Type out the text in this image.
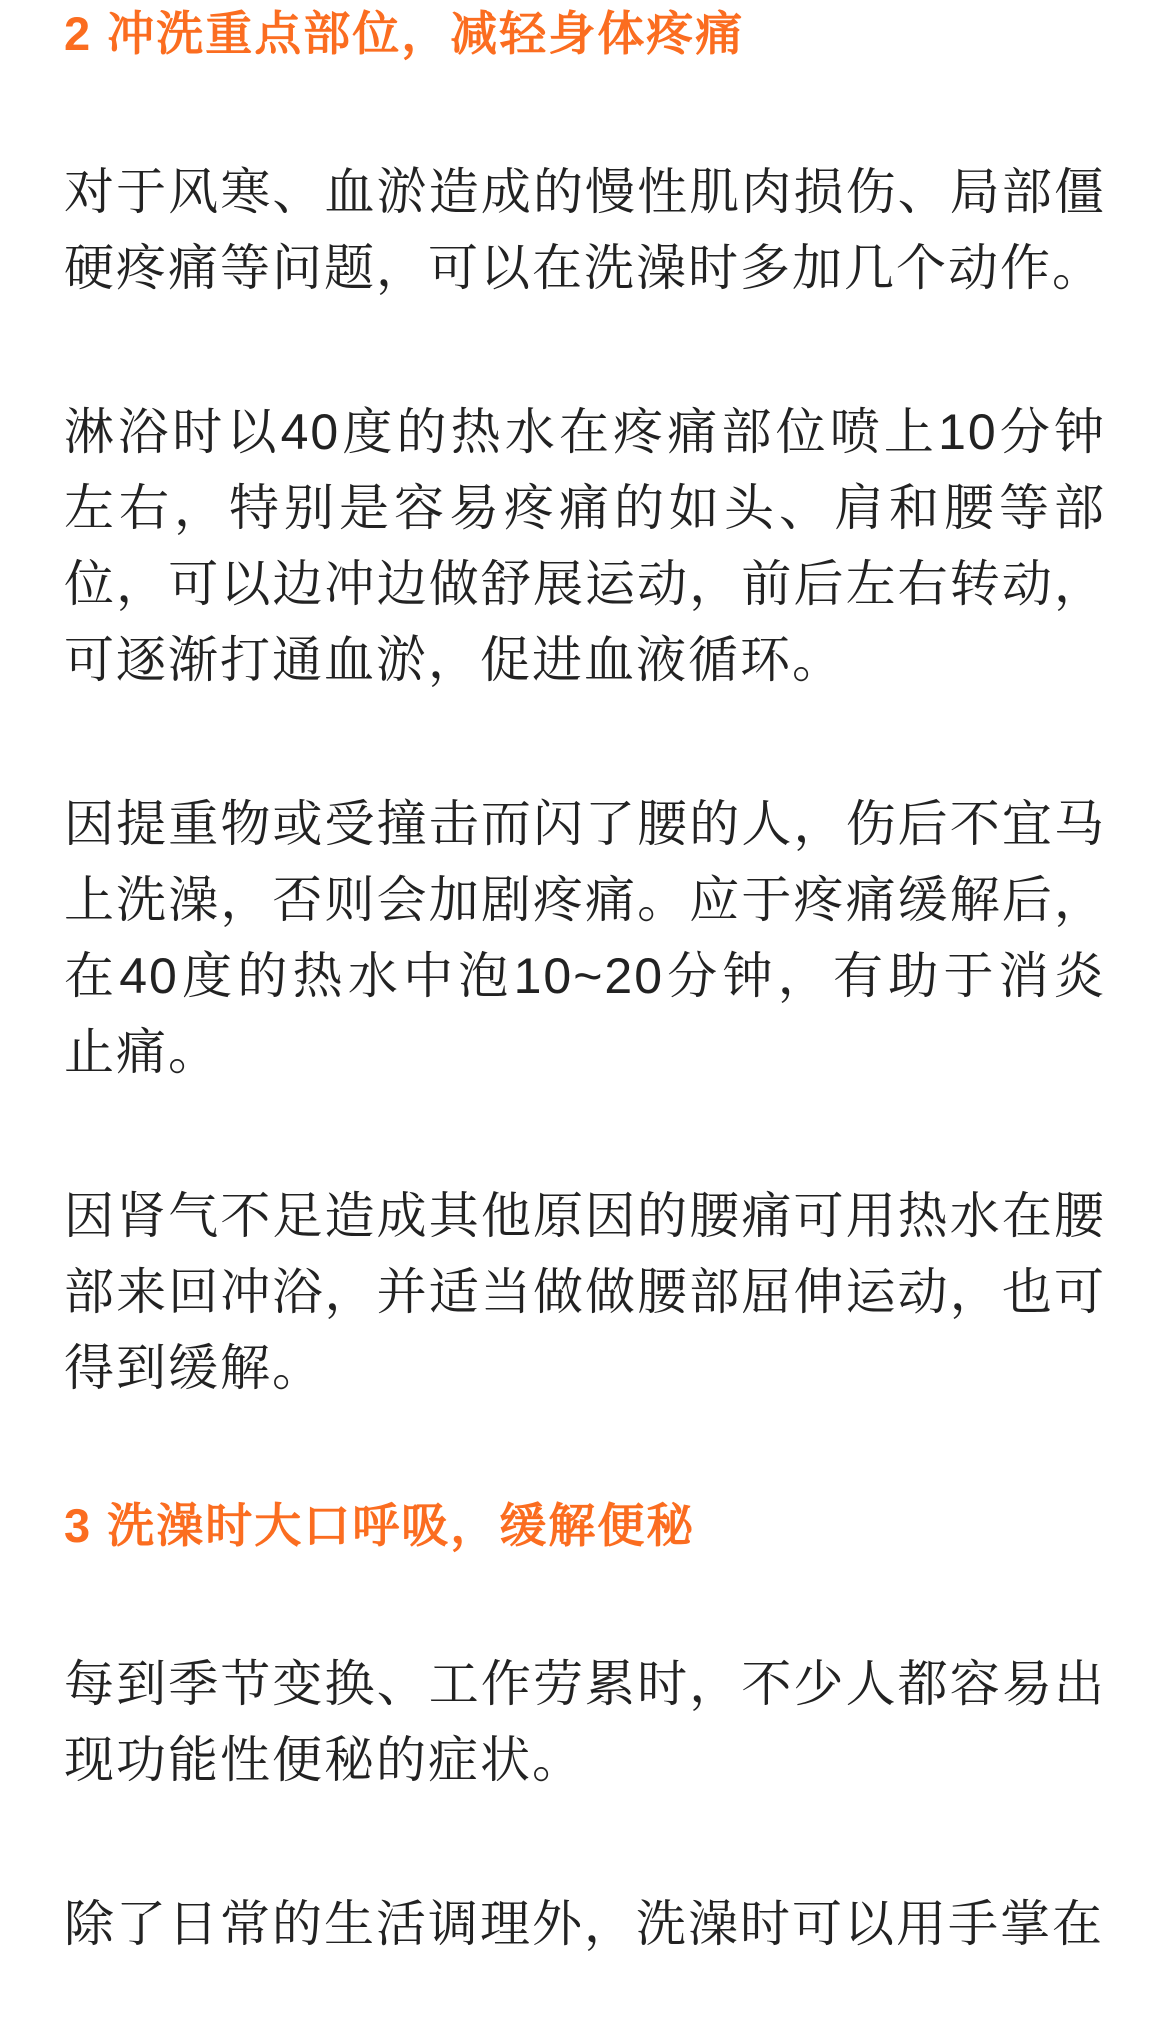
2 冲洗重点部位，减轻身体疼痛

对于风寒、血淤造成的慢性肌肉损伤、局部僵硬疼痛等问题，可以在洗澡时多加几个动作。

淋浴时以40度的热水在疼痛部位喷上10分钟左右，特别是容易疼痛的如头、肩和腰等部位，可以边冲边做舒展运动，前后左右转动，可逐渐打通血淤，促进血液循环。

因提重物或受撞击而闪了腰的人，伤后不宜马上洗澡，否则会加剧疼痛。应于疼痛缓解后，在40度的热水中泡10~20分钟，有助于消炎止痛。

因肾气不足造成其他原因的腰痛可用热水在腰部来回冲浴，并适当做做腰部屈伸运动，也可得到缓解。

3 洗澡时大口呼吸，缓解便秘

每到季节变换、工作劳累时，不少人都容易出现功能性便秘的症状。

除了日常的生活调理外，洗澡时可以用手掌在
